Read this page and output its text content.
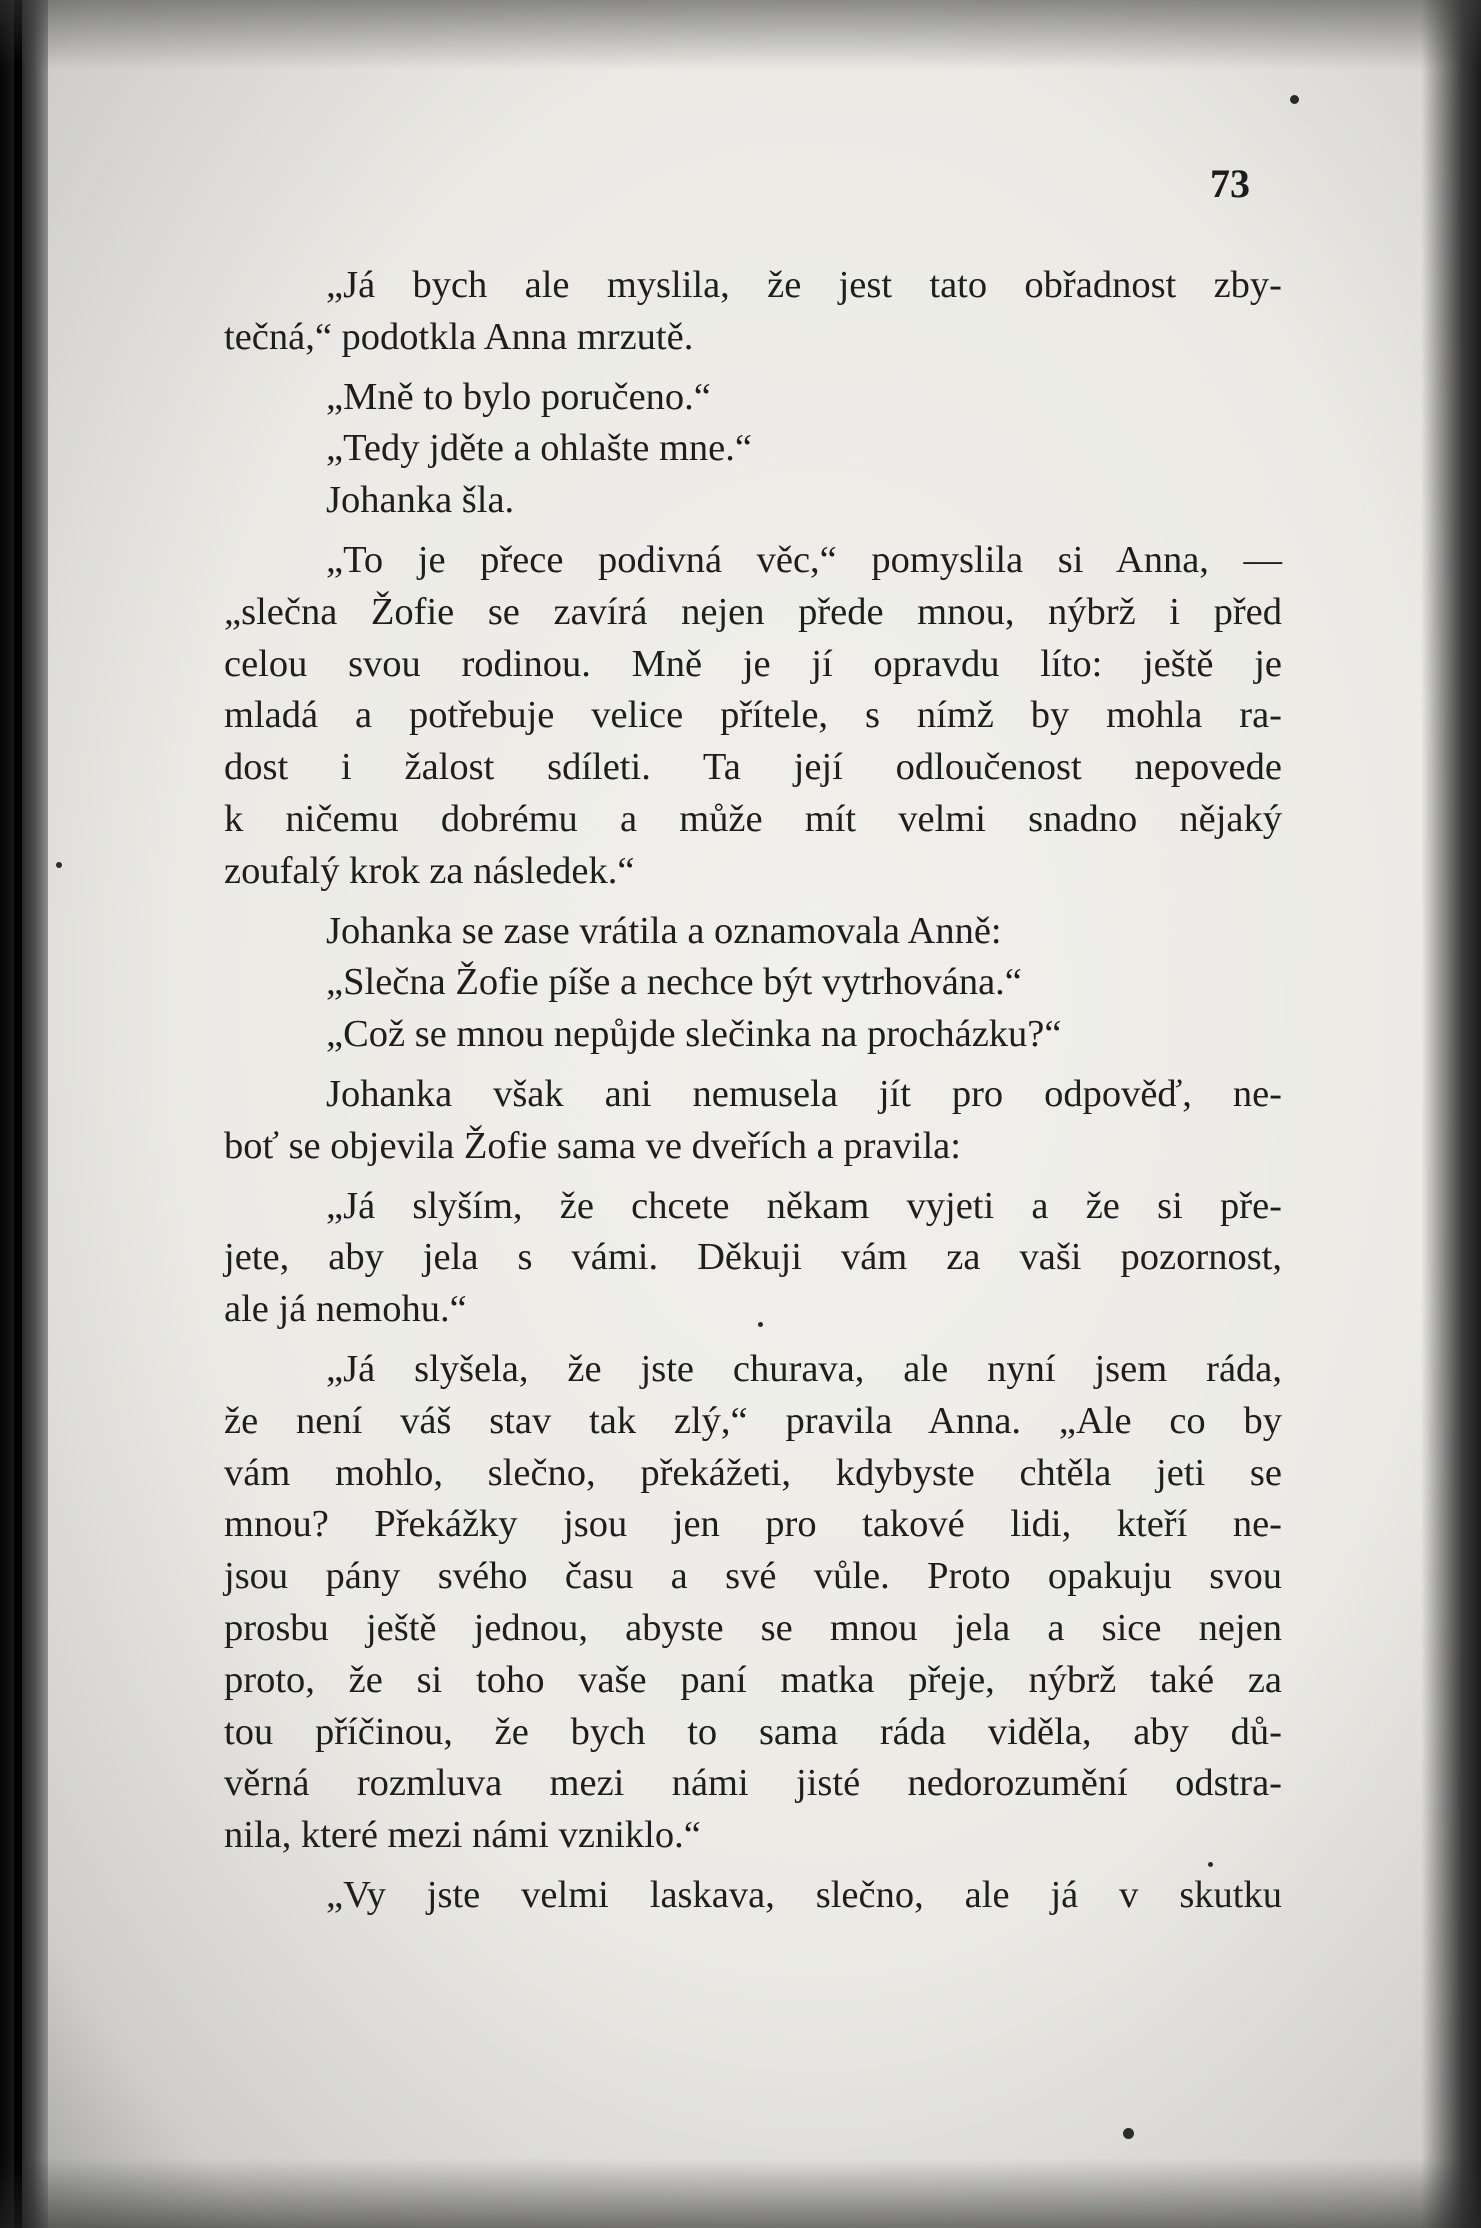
73
„Já bych ale myslila, že jest tato obřadnost zby-
tečná,“ podotkla Anna mrzutě.
„Mně to bylo poručeno.“
„Tedy jděte a ohlašte mne.“
Johanka šla.
„To je přece podivná věc,“ pomyslila si Anna, —
„slečna Žofie se zavírá nejen přede mnou, nýbrž i před
celou svou rodinou. Mně je jí opravdu líto: ještě je
mladá a potřebuje velice přítele, s nímž by mohla ra-
dost i žalost sdíleti. Ta její odloučenost nepovede
k ničemu dobrému a může mít velmi snadno nějaký
zoufalý krok za následek.“
Johanka se zase vrátila a oznamovala Anně:
„Slečna Žofie píše a nechce být vytrhována.“
„Což se mnou nepůjde slečinka na procházku?“
Johanka však ani nemusela jít pro odpověď, ne-
boť se objevila Žofie sama ve dveřích a pravila:
„Já slyším, že chcete někam vyjeti a že si pře-
jete, aby jela s vámi. Děkuji vám za vaši pozornost,
ale já nemohu.“
„Já slyšela, že jste churava, ale nyní jsem ráda,
že není váš stav tak zlý,“ pravila Anna. „Ale co by
vám mohlo, slečno, překážeti, kdybyste chtěla jeti se
mnou? Překážky jsou jen pro takové lidi, kteří ne-
jsou pány svého času a své vůle. Proto opakuju svou
prosbu ještě jednou, abyste se mnou jela a sice nejen
proto, že si toho vaše paní matka přeje, nýbrž také za
tou příčinou, že bych to sama ráda viděla, aby dů-
věrná rozmluva mezi námi jisté nedorozumění odstra-
nila, které mezi námi vzniklo.“
„Vy jste velmi laskava, slečno, ale já v skutku
